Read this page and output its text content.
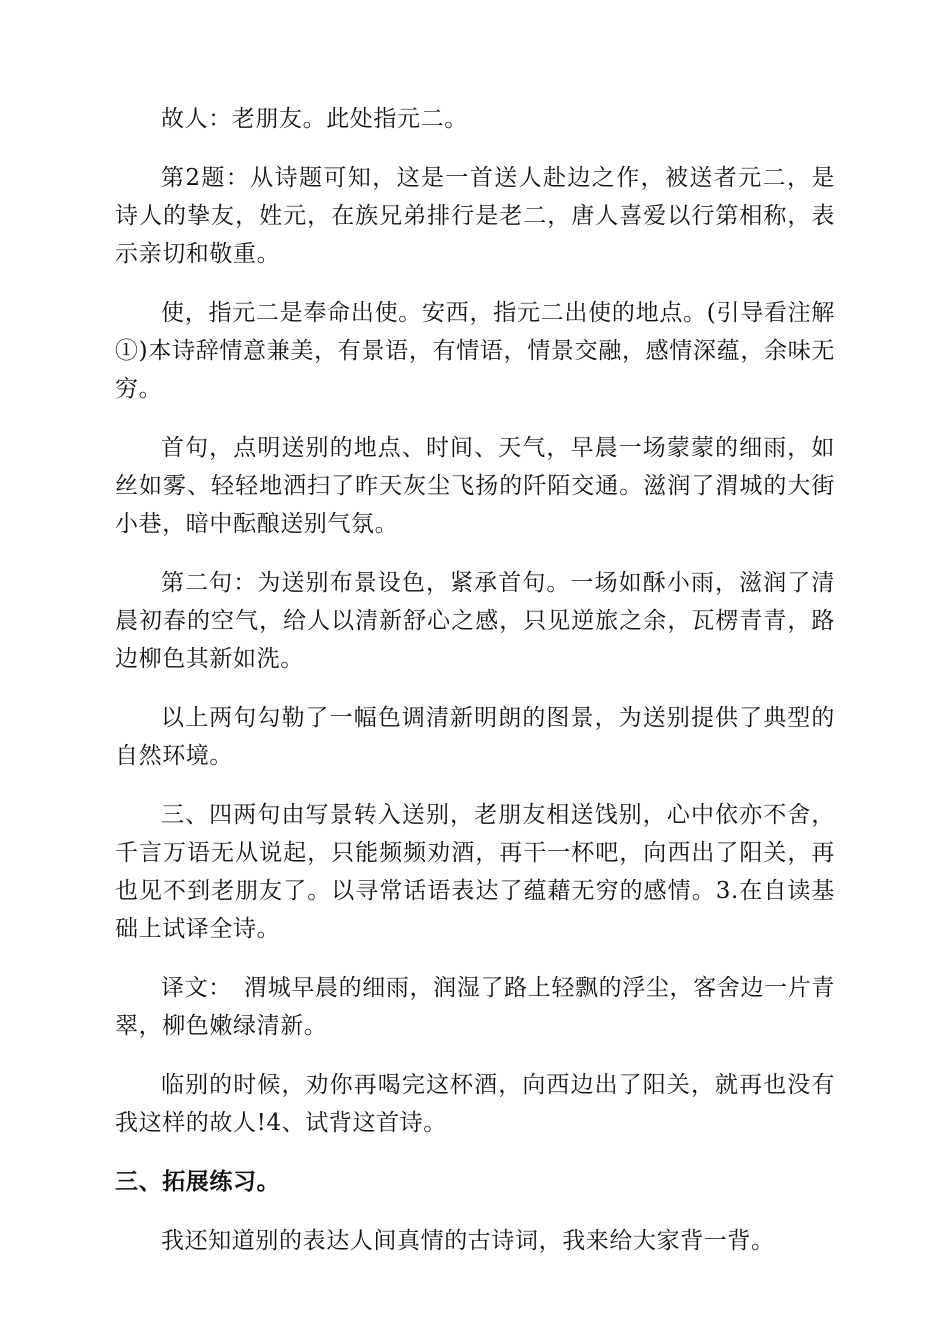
故人：老朋友。此处指元二。

第2题：从诗题可知，这是一首送人赴边之作，被送者元二，是诗人的挚友，姓元，在族兄弟排行是老二，唐人喜爱以行第相称，表示亲切和敬重。

使，指元二是奉命出使。安西，指元二出使的地点。(引导看注解①)本诗辞情意兼美，有景语，有情语，情景交融，感情深蕴，余味无穷。

首句，点明送别的地点、时间、天气，早晨一场蒙蒙的细雨，如丝如雾、轻轻地洒扫了昨天灰尘飞扬的阡陌交通。滋润了渭城的大街小巷，暗中酝酿送别气氛。

第二句：为送别布景设色，紧承首句。一场如酥小雨，滋润了清晨初春的空气，给人以清新舒心之感，只见逆旅之余，瓦楞青青，路边柳色其新如洗。

以上两句勾勒了一幅色调清新明朗的图景，为送别提供了典型的自然环境。

三、四两句由写景转入送别，老朋友相送饯别，心中依亦不舍，千言万语无从说起，只能频频劝酒，再干一杯吧，向西出了阳关，再也见不到老朋友了。以寻常话语表达了蕴藉无穷的感情。3.在自读基础上试译全诗。

译文：　渭城早晨的细雨，润湿了路上轻飘的浮尘，客舍边一片青翠，柳色嫩绿清新。

临别的时候，劝你再喝完这杯酒，向西边出了阳关，就再也没有我这样的故人!4、试背这首诗。

三、拓展练习。

我还知道别的表达人间真情的古诗词，我来给大家背一背。
